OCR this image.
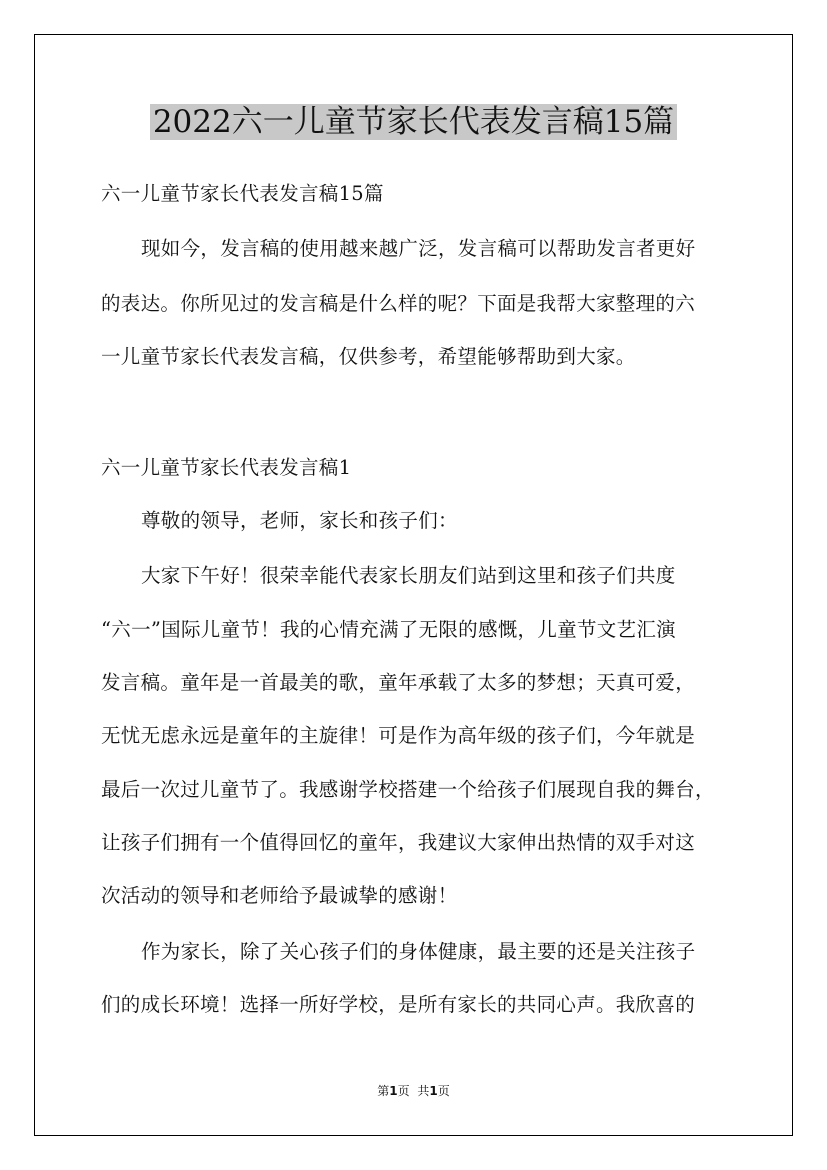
2022六一儿童节家长代表发言稿15篇
六一儿童节家长代表发言稿15篇
现如今，发言稿的使用越来越广泛，发言稿可以帮助发言者更好
的表达。你所见过的发言稿是什么样的呢？下面是我帮大家整理的六
一儿童节家长代表发言稿，仅供参考，希望能够帮助到大家。
六一儿童节家长代表发言稿1
尊敬的领导，老师，家长和孩子们：
大家下午好！很荣幸能代表家长朋友们站到这里和孩子们共度
“六一”国际儿童节！我的心情充满了无限的感慨，儿童节文艺汇演
发言稿。童年是一首最美的歌，童年承载了太多的梦想；天真可爱，
无忧无虑永远是童年的主旋律！可是作为高年级的孩子们，今年就是
最后一次过儿童节了。我感谢学校搭建一个给孩子们展现自我的舞台，
让孩子们拥有一个值得回忆的童年，我建议大家伸出热情的双手对这
次活动的领导和老师给予最诚挚的感谢！
作为家长，除了关心孩子们的身体健康，最主要的还是关注孩子
们的成长环境！选择一所好学校，是所有家长的共同心声。我欣喜的
第1页 共1页
